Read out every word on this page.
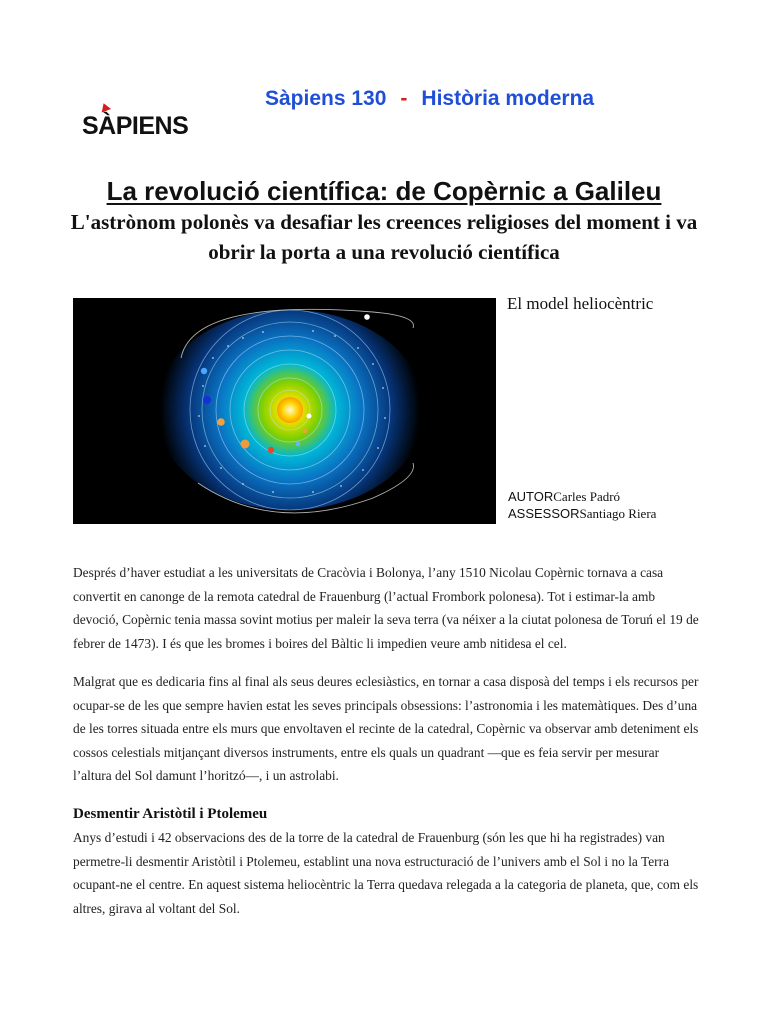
SÀPIENS
Sàpiens 130 - Història moderna
La revolució científica: de Copèrnic a Galileu
L'astrònom polonès va desafiar les creences religioses del moment i va obrir la porta a una revolució científica
El model heliocèntric
AUTORCarles Padró
ASSESSORSantiago Riera

Després d’haver estudiat a les universitats de Cracòvia i Bolonya, l’any 1510 Nicolau Copèrnic tornava a casa convertit en canonge de la remota catedral de Frauenburg (l’actual Frombork polonesa). Tot i estimar-la amb devoció, Copèrnic tenia massa sovint motius per maleir la seva terra (va néixer a la ciutat polonesa de Toruń el 19 de febrer de 1473). I és que les bromes i boires del Bàltic li impedien veure amb nitidesa el cel.

Malgrat que es dedicaria fins al final als seus deures eclesiàstics, en tornar a casa disposà del temps i els recursos per ocupar-se de les que sempre havien estat les seves principals obsessions: l’astronomia i les matemàtiques. Des d’una de les torres situada entre els murs que envoltaven el recinte de la catedral, Copèrnic va observar amb deteniment els cossos celestials mitjançant diversos instruments, entre els quals un quadrant —que es feia servir per mesurar l’altura del Sol damunt l’horitzó—, i un astrolabi.

Desmentir Aristòtil i Ptolemeu

Anys d’estudi i 42 observacions des de la torre de la catedral de Frauenburg (són les que hi ha registrades) van permetre-li desmentir Aristòtil i Ptolemeu, establint una nova estructuració de l’univers amb el Sol i no la Terra ocupant-ne el centre. En aquest sistema heliocèntric la Terra quedava relegada a la categoria de planeta, que, com els altres, girava al voltant del Sol.
